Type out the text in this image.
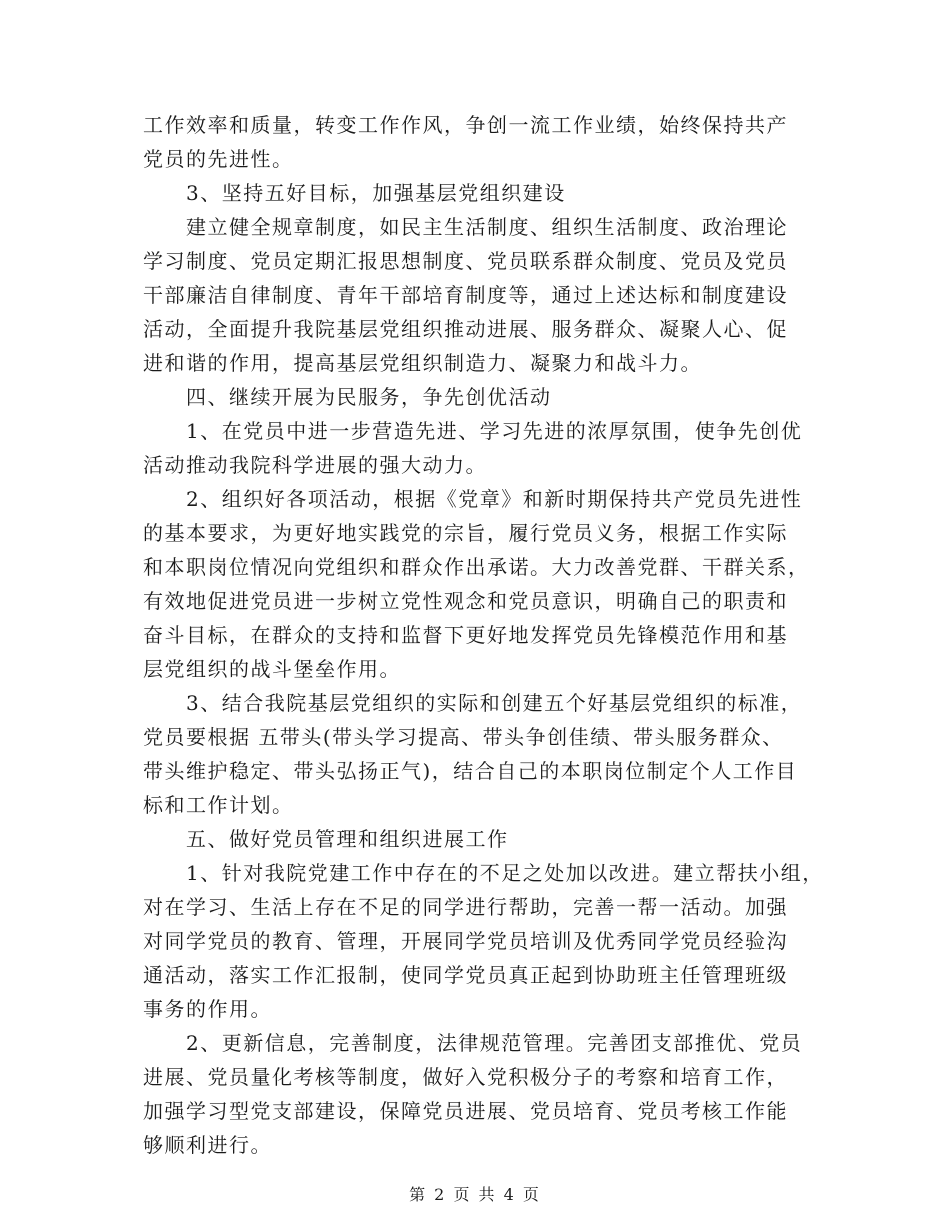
工作效率和质量，转变工作作风，争创一流工作业绩，始终保持共产
党员的先进性。
3、坚持五好目标，加强基层党组织建设
建立健全规章制度，如民主生活制度、组织生活制度、政治理论
学习制度、党员定期汇报思想制度、党员联系群众制度、党员及党员
干部廉洁自律制度、青年干部培育制度等，通过上述达标和制度建设
活动，全面提升我院基层党组织推动进展、服务群众、凝聚人心、促
进和谐的作用，提高基层党组织制造力、凝聚力和战斗力。
四、继续开展为民服务，争先创优活动
1、在党员中进一步营造先进、学习先进的浓厚氛围，使争先创优
活动推动我院科学进展的强大动力。
2、组织好各项活动，根据《党章》和新时期保持共产党员先进性
的基本要求，为更好地实践党的宗旨，履行党员义务，根据工作实际
和本职岗位情况向党组织和群众作出承诺。大力改善党群、干群关系，
有效地促进党员进一步树立党性观念和党员意识，明确自己的职责和
奋斗目标，在群众的支持和监督下更好地发挥党员先锋模范作用和基
层党组织的战斗堡垒作用。
3、结合我院基层党组织的实际和创建五个好基层党组织的标准，
党员要根据 五带头(带头学习提高、带头争创佳绩、带头服务群众、
带头维护稳定、带头弘扬正气)，结合自己的本职岗位制定个人工作目
标和工作计划。
五、做好党员管理和组织进展工作
1、针对我院党建工作中存在的不足之处加以改进。建立帮扶小组，
对在学习、生活上存在不足的同学进行帮助，完善一帮一活动。加强
对同学党员的教育、管理，开展同学党员培训及优秀同学党员经验沟
通活动，落实工作汇报制，使同学党员真正起到协助班主任管理班级
事务的作用。
2、更新信息，完善制度，法律规范管理。完善团支部推优、党员
进展、党员量化考核等制度，做好入党积极分子的考察和培育工作，
加强学习型党支部建设，保障党员进展、党员培育、党员考核工作能
够顺利进行。
第 2 页 共 4 页
